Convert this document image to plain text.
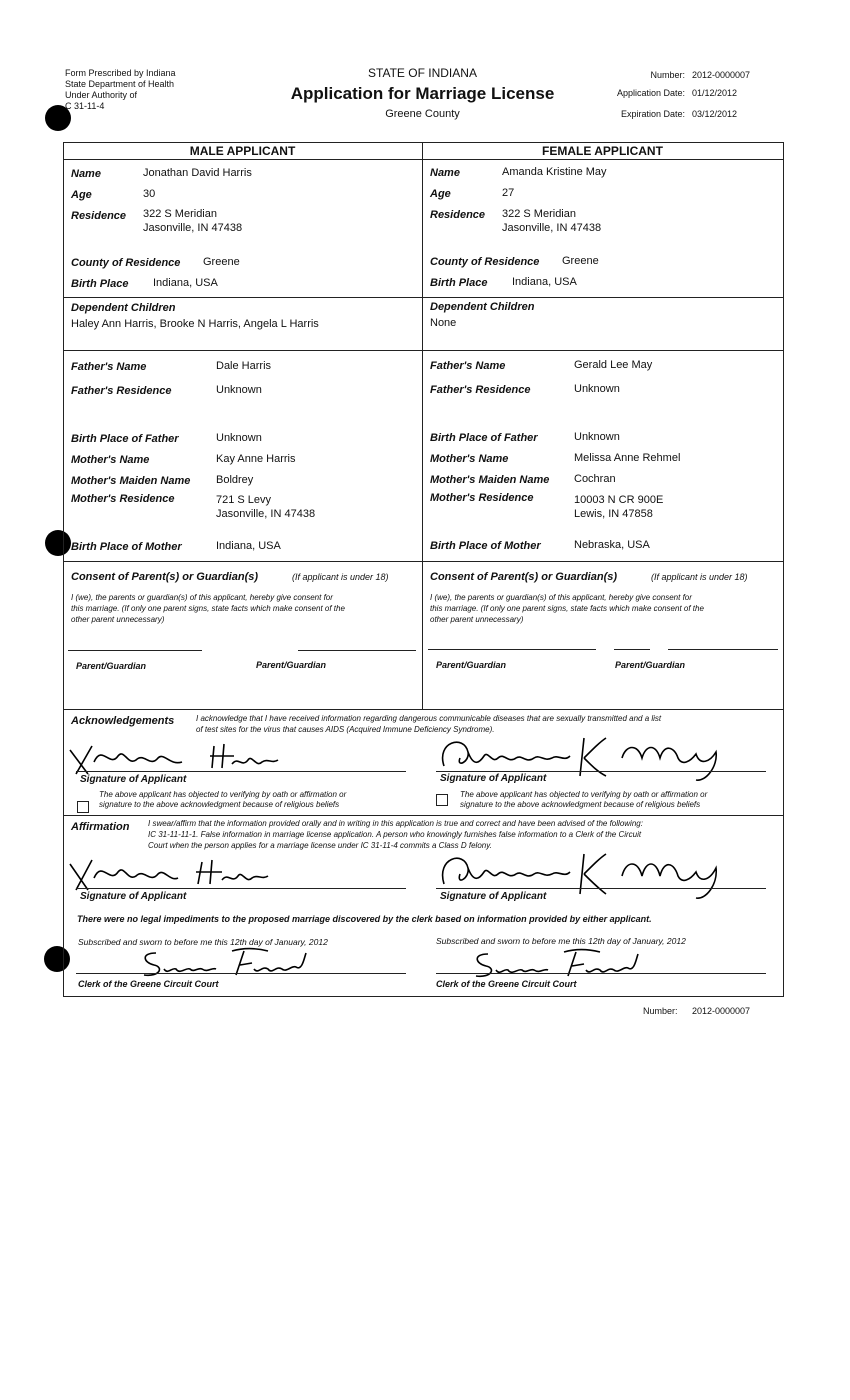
Form Prescribed by Indiana
State Department of Health
Under Authority of
C 31-11-4
STATE OF INDIANA
Application for Marriage License
Greene County
Number: 2012-0000007
Application Date: 01/12/2012
Expiration Date: 03/12/2012
MALE APPLICANT	FEMALE APPLICANT
Name	Jonathan David Harris
Age	30
Residence 322 S Meridian
Jasonville, IN 47438
County of Residence Greene
Birth Place Indiana, USA
Dependent Children
Haley Ann Harris, Brooke N Harris, Angela L Harris
Father's Name	Dale Harris
Father's Residence	Unknown
Birth Place of Father	Unknown
Mother's Name	Kay Anne Harris
Mother's Maiden Name Boldrey
Mother's Residence	721 S Levy
Jasonville, IN 47438
Birth Place of Mother	Indiana, USA
Name	Amanda Kristine May
Age	27
Residence 322 S Meridian
Jasonville, IN 47438
County of Residence Greene
Birth Place Indiana, USA
Dependent Children
None
Father's Name	Gerald Lee May
Father's Residence	Unknown
Birth Place of Father	Unknown
Mother's Name	Melissa Anne Rehmel
Mother's Maiden Name Cochran
Mother's Residence	10003 N CR 900E
Lewis, IN 47858
Birth Place of Mother	Nebraska, USA
Consent of Parent(s) or Guardian(s)	(If applicant is under 18)
I (we), the parents or guardian(s) of this applicant, hereby give consent for
this marriage. (If only one parent signs, state facts which make consent of the
other parent unnecessary)
Parent/Guardian	Parent/Guardian
Consent of Parent(s) or Guardian(s)	(If applicant is under 18)
I (we), the parents or guardian(s) of this applicant, hereby give consent for
this marriage. (If only one parent signs, state facts which make consent of the
other parent unnecessary)
Parent/Guardian	Parent/Guardian
Acknowledgements	I acknowledge that I have received information regarding dangerous communicable diseases that are sexually transmitted and a list
of test sites for the virus that causes AIDS (Acquired Immune Deficiency Syndrome).
Signature of Applicant	Signature of Applicant
The above applicant has objected to verifying by oath or affirmation or
signature to the above acknowledgment because of religious beliefs
The above applicant has objected to verifying by oath or affirmation or
signature to the above acknowledgment because of religious beliefs
Affirmation I swear/affirm that the information provided orally and in writing in this application is true and correct and have been advised of the following:
IC 31-11-11-1. False information in marriage license application. A person who knowingly furnishes false information to a Clerk of the Circuit
Court when the person applies for a marriage license under IC 31-11-4 commits a Class D felony.
Signature of Applicant	Signature of Applicant
There were no legal impediments to the proposed marriage discovered by the clerk based on information provided by either applicant.
Subscribed and sworn to before me this 12th day of January, 2012	Subscribed and sworn to before me this 12th day of January, 2012
Clerk of the Greene Circuit Court	Clerk of the Greene Circuit Court
Number: 2012-0000007
